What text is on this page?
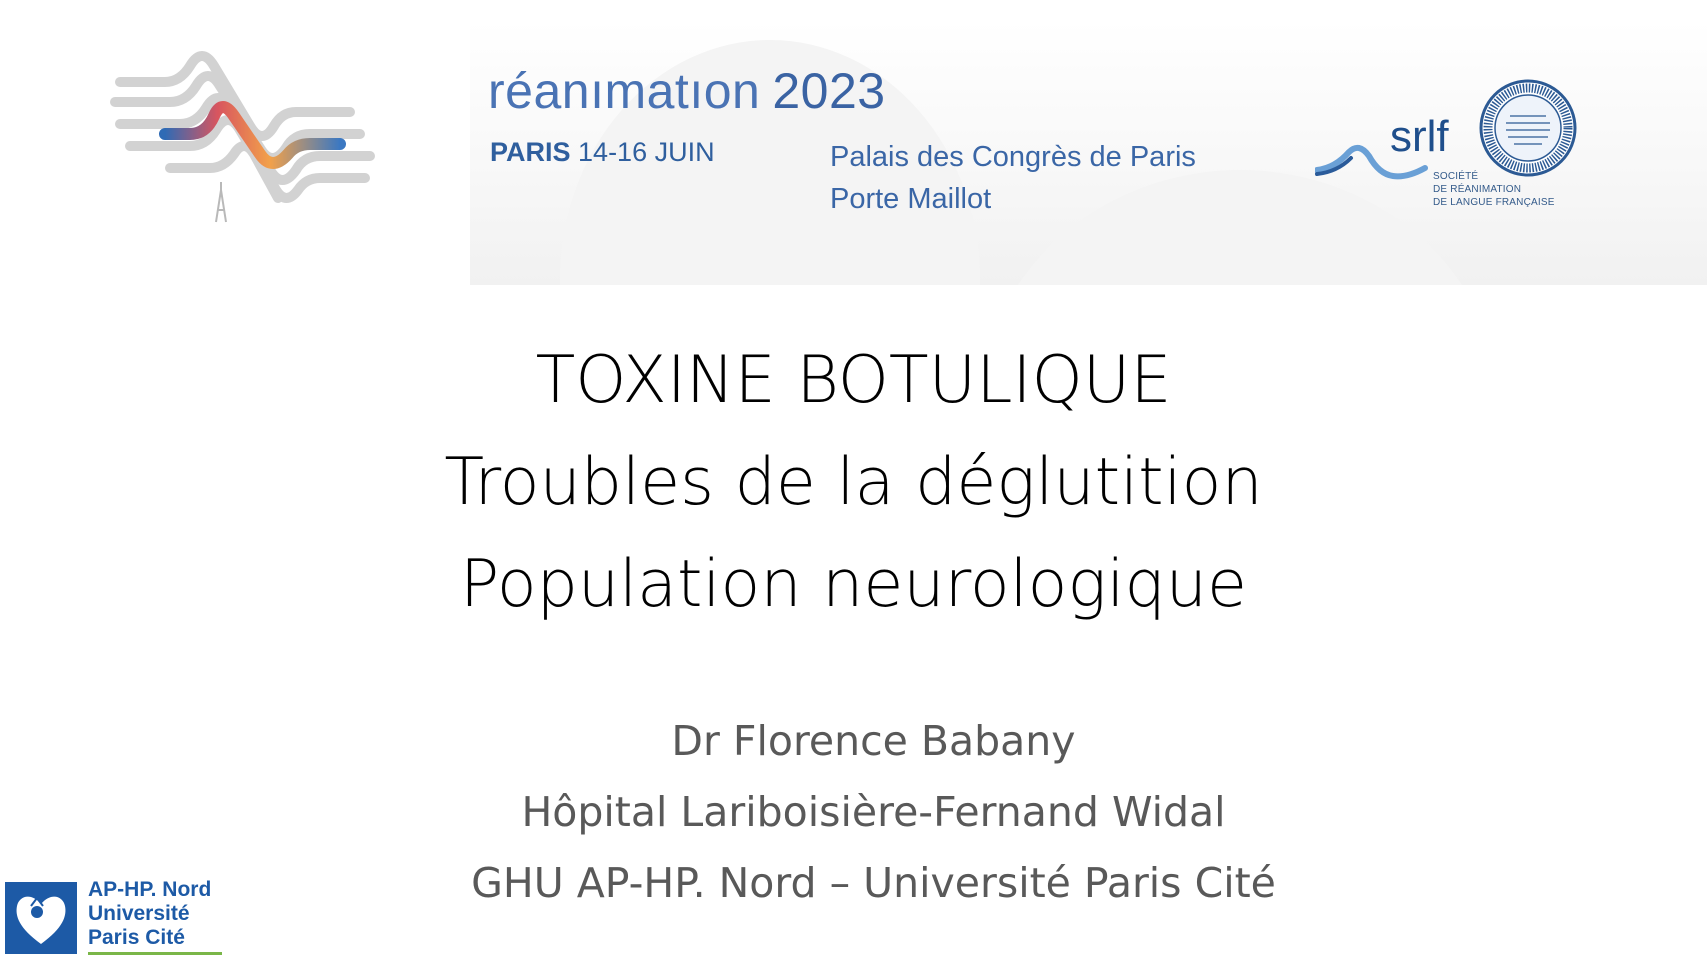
réanımatıon 2023
PARIS 14-16 JUIN	Palais des Congrès de Paris
Porte Maillot
srlf
SOCIÉTÉ
DE RÉANIMATION
DE LANGUE FRANÇAISE
TOXINE BOTULIQUE
Troubles de la déglutition
Population neurologique
Dr Florence Babany
Hôpital Lariboisière-Fernand Widal
GHU AP-HP. Nord – Université Paris Cité
AP-HP. Nord
Université
Paris Cité
